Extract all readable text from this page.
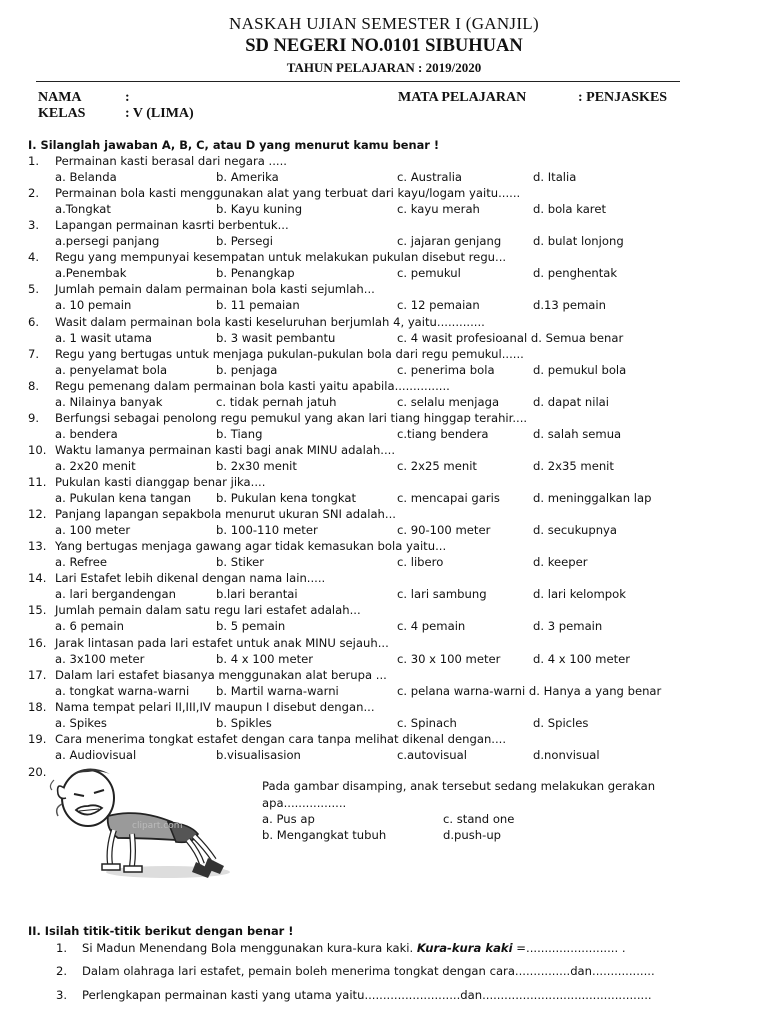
NASKAH UJIAN SEMESTER I (GANJIL)
SD NEGERI NO.0101 SIBUHUAN
TAHUN PELAJARAN : 2019/2020
NAMA	:
KELAS	: V (LIMA)
MATA PELAJARAN	: PENJASKES
I. Silanglah jawaban A, B, C, atau D yang menurut kamu benar !
1. Permainan kasti berasal dari negara .....
a. Belanda	b. Amerika	c. Australia	d. Italia
2. Permainan bola kasti menggunakan alat yang terbuat dari kayu/logam yaitu......
a.Tongkat	b. Kayu kuning	c. kayu merah	d. bola karet
3. Lapangan permainan kasrti berbentuk...
a.persegi panjang	b. Persegi	c. jajaran genjang	d. bulat lonjong
4. Regu yang mempunyai kesempatan untuk melakukan pukulan disebut regu...
a.Penembak	b. Penangkap	c. pemukul	d. penghentak
5. Jumlah pemain dalam permainan bola kasti sejumlah...
a. 10 pemain	b. 11 pemaian	c. 12 pemaian	d.13 pemain
6. Wasit dalam permainan bola kasti keseluruhan berjumlah 4, yaitu.............
a. 1 wasit utama	b. 3 wasit pembantu	c. 4 wasit profesioanal d. Semua benar
7. Regu yang bertugas untuk menjaga pukulan-pukulan bola dari regu pemukul......
a. penyelamat bola	b. penjaga	c. penerima bola	d. pemukul bola
8. Regu pemenang dalam permainan bola kasti yaitu apabila...............
a. Nilainya banyak	c. tidak pernah jatuh	c. selalu menjaga	d. dapat nilai
9. Berfungsi sebagai penolong regu pemukul yang akan lari tiang hinggap terahir....
a. bendera	b. Tiang	c.tiang bendera	d. salah semua
10. Waktu lamanya permainan kasti bagi anak MINU adalah....
a. 2x20 menit	b. 2x30 menit	c. 2x25 menit	d. 2x35 menit
11. Pukulan kasti dianggap benar jika....
a. Pukulan kena tangan b. Pukulan kena tongkat	c. mencapai garis	d. meninggalkan lap
12. Panjang lapangan sepakbola menurut ukuran SNI adalah...
a. 100 meter	b. 100-110 meter	c. 90-100 meter	d. secukupnya
13. Yang bertugas menjaga gawang agar tidak kemasukan bola yaitu...
a. Refree	b. Stiker	c. libero	d. keeper
14. Lari Estafet lebih dikenal dengan nama lain.....
a. lari bergandengan	b.lari berantai	c. lari sambung	d. lari kelompok
15. Jumlah pemain dalam satu regu lari estafet adalah...
a. 6 pemain	b. 5 pemain	c. 4 pemain	d. 3 pemain
16. Jarak lintasan pada lari estafet untuk anak MINU sejauh...
a. 3x100 meter	b. 4 x 100 meter	c. 30 x 100 meter	d. 4 x 100 meter
17. Dalam lari estafet biasanya menggunakan alat berupa ...
a. tongkat warna-warni b. Martil warna-warni	c. pelana warna-warni d. Hanya a yang benar
18. Nama tempat pelari II,III,IV maupun I disebut dengan...
a. Spikes	b. Spikles	c. Spinach	d. Spicles
19. Cara menerima tongkat estafet dengan cara tanpa melihat dikenal dengan....
a. Audiovisual	b.visualisasion	c.autovisual	d.nonvisual
20.
clipart.com
Pada gambar disamping, anak tersebut sedang melakukan gerakan
apa.................
a. Pus ap	c. stand one
b. Mengangkat tubuh	d.push-up
II. Isilah titik-titik berikut dengan benar !
1. Si Madun Menendang Bola menggunakan kura-kura kaki. Kura-kura kaki =......................... .
2. Dalam olahraga lari estafet, pemain boleh menerima tongkat dengan cara...............dan.................
3. Perlengkapan permainan kasti yang utama yaitu..........................dan..............................................
